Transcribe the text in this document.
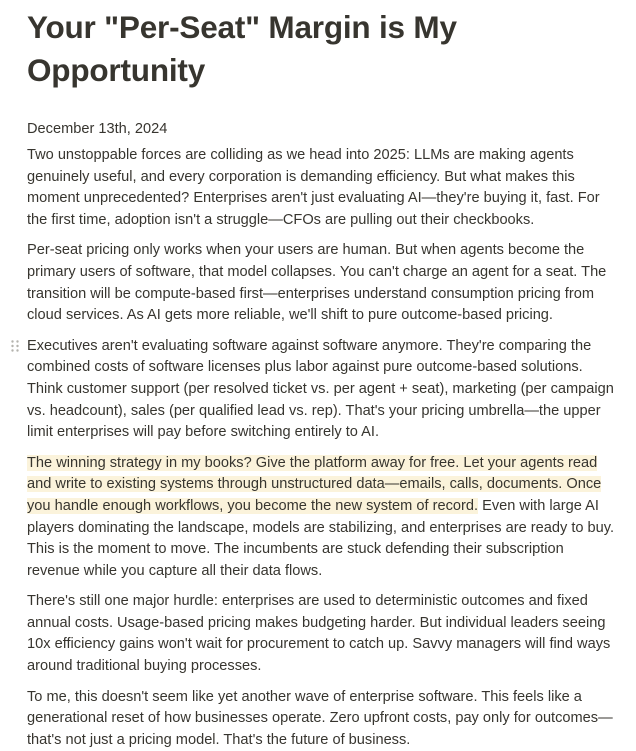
Your "Per-Seat" Margin is My Opportunity
December 13th, 2024

Two unstoppable forces are colliding as we head into 2025: LLMs are making agents genuinely useful, and every corporation is demanding efficiency. But what makes this moment unprecedented? Enterprises aren't just evaluating AI—they're buying it, fast. For the first time, adoption isn't a struggle—CFOs are pulling out their checkbooks.

Per-seat pricing only works when your users are human. But when agents become the primary users of software, that model collapses. You can't charge an agent for a seat. The transition will be compute-based first—enterprises understand consumption pricing from cloud services. As AI gets more reliable, we'll shift to pure outcome-based pricing.

Executives aren't evaluating software against software anymore. They're comparing the combined costs of software licenses plus labor against pure outcome-based solutions. Think customer support (per resolved ticket vs. per agent + seat), marketing (per campaign vs. headcount), sales (per qualified lead vs. rep). That's your pricing umbrella—the upper limit enterprises will pay before switching entirely to AI.

The winning strategy in my books? Give the platform away for free. Let your agents read and write to existing systems through unstructured data—emails, calls, documents. Once you handle enough workflows, you become the new system of record. Even with large AI players dominating the landscape, models are stabilizing, and enterprises are ready to buy. This is the moment to move. The incumbents are stuck defending their subscription revenue while you capture all their data flows.

There's still one major hurdle: enterprises are used to deterministic outcomes and fixed annual costs. Usage-based pricing makes budgeting harder. But individual leaders seeing 10x efficiency gains won't wait for procurement to catch up. Savvy managers will find ways around traditional buying processes.

To me, this doesn't seem like yet another wave of enterprise software. This feels like a generational reset of how businesses operate. Zero upfront costs, pay only for outcomes—that's not just a pricing model. That's the future of business.
